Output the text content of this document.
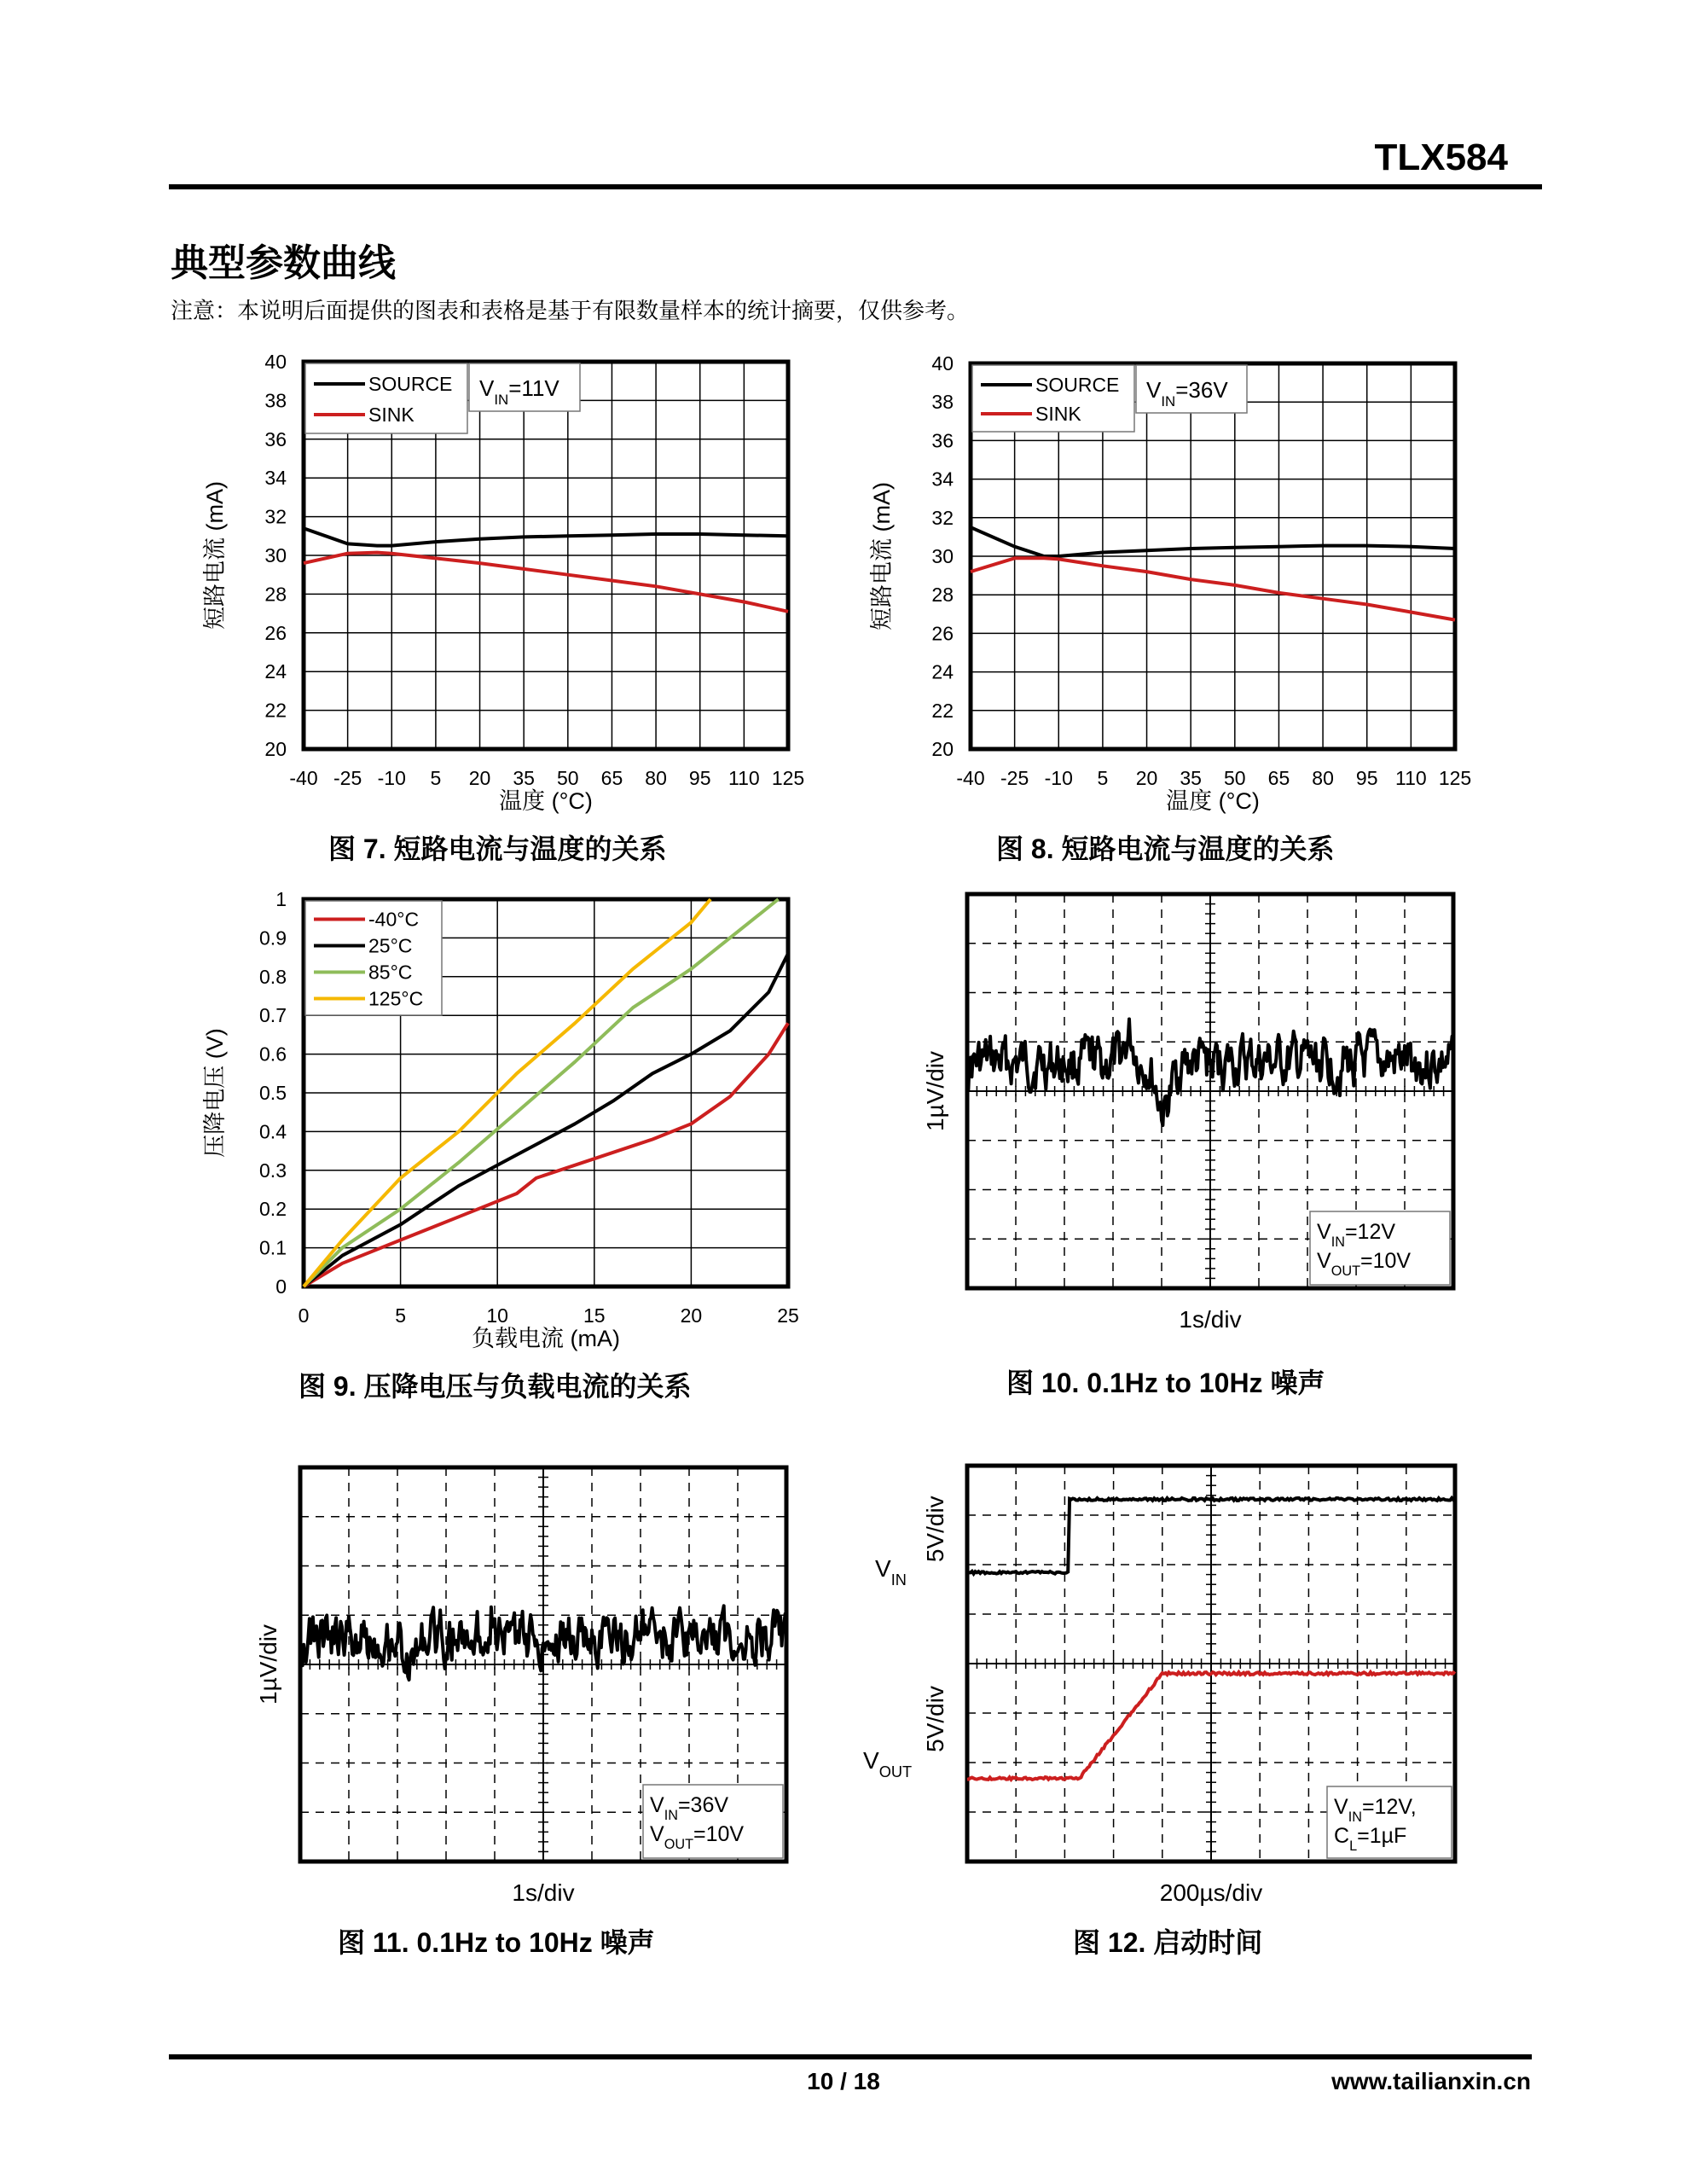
TLX584
典型参数曲线
注意：本说明后面提供的图表和表格是基于有限数量样本的统计摘要，仅供参考。
-40 -25 -10 5 20 35 50 65 80 95 110 125
20
22
24
26
28
30
32
34
36
38
40
温度 (°C)
短路电流 (mA)
SOURCE
SINK
$V_{IN}=11V$
-40 -25 -10 5 20 35 50 65 80 95 110 125
20
22
24
26
28
30
32
34
36
38
40
温度 (°C)
短路电流 (mA)
SOURCE
SINK
$V_{IN}=36V$
0	5	10	15	20	25
0
0.1
0.2
0.3
0.4
0.5
0.6
0.7
0.8
0.9
1
负载电流 (mA)
压降电压 (V)
-40°C
25°C
85°C
125°C
$V_{IN}=12V$
$V_{OUT}=10V$
1s/div
1µV/div
$V_{IN}=36V$
$V_{OUT}=10V$
1s/div
1µV/div
$V_{IN}=12V$,
$C_L=1\mu F$
200µs/div
5V/div
5V/div
$V_{IN}$
$V_{OUT}$
图 7. 短路电流与温度的关系	图 8. 短路电流与温度的关系
图 9. 压降电压与负载电流的关系	图 10. 0.1Hz to 10Hz 噪声
图 11. 0.1Hz to 10Hz 噪声	图 12. 启动时间
10 / 18	www.tailianxin.cn
